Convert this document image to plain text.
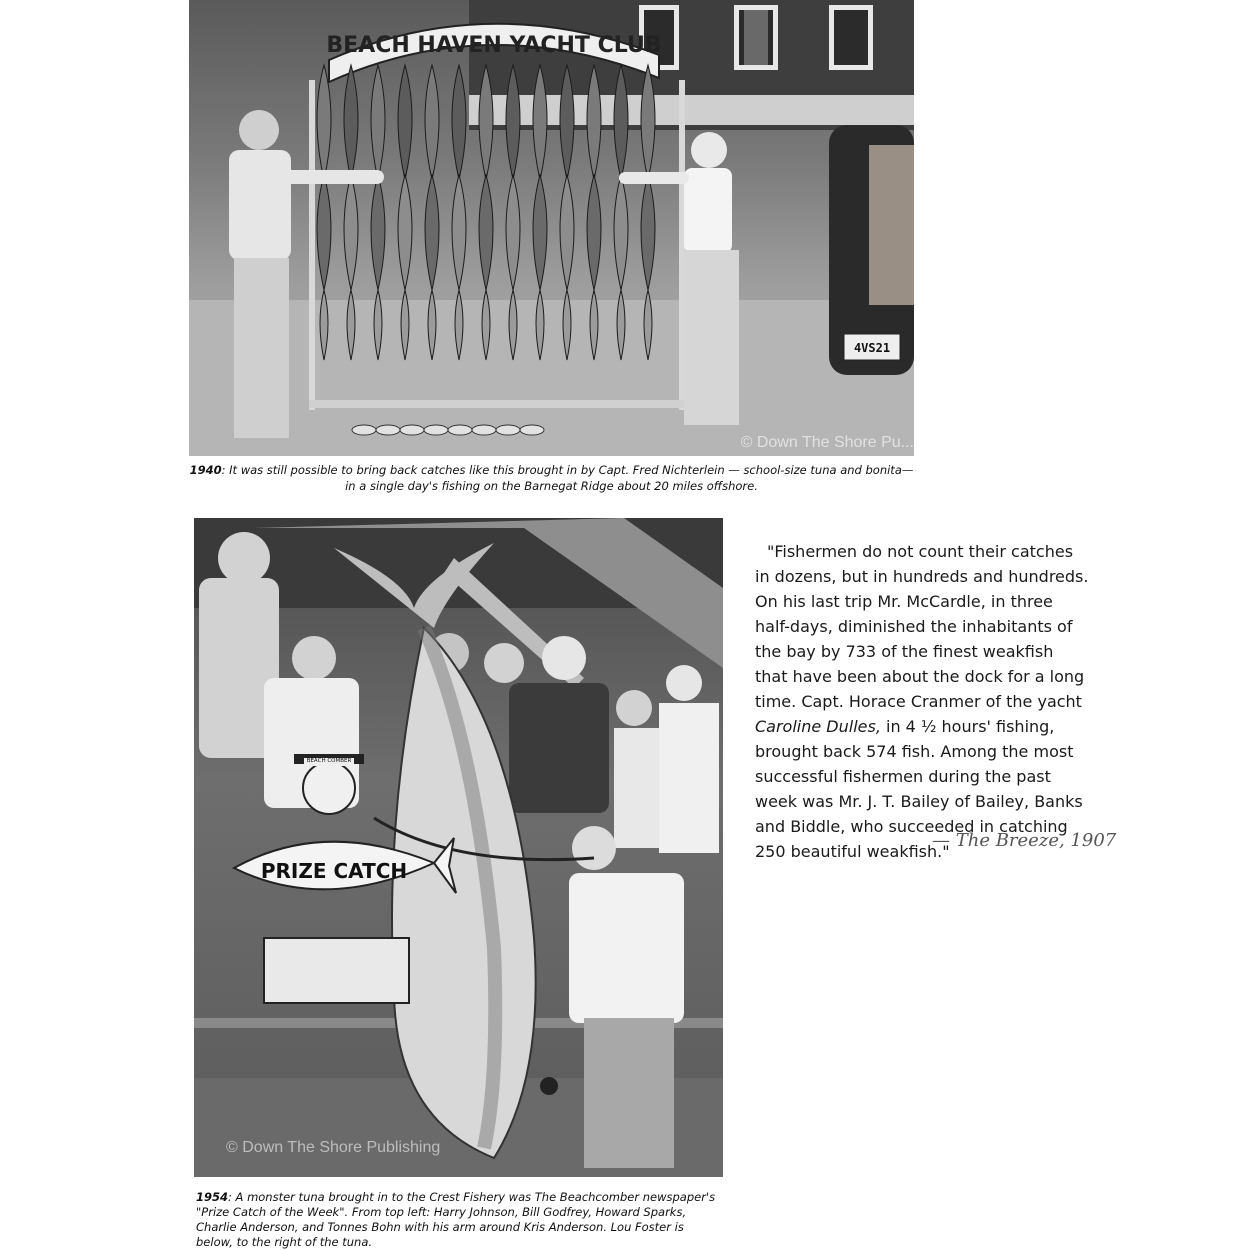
BEACH HAVEN YACHT CLUB
4VS21
© Down The Shore Pu...
1940: It was still possible to bring back catches like this brought in by Capt. Fred Nichterlein — school-size tuna and bonita— in a single day's fishing on the Barnegat Ridge about 20 miles offshore.
BEACH COMBER
PRIZE CATCH
© Down The Shore Publishing
1954: A monster tuna brought in to the Crest Fishery was The Beachcomber newspaper's "Prize Catch of the Week". From top left: Harry Johnson, Bill Godfrey, Howard Sparks, Charlie Anderson, and Tonnes Bohn with his arm around Kris Anderson. Lou Foster is below, to the right of the tuna.
"Fishermen do not count their catches in dozens, but in hundreds and hundreds. On his last trip Mr. McCardle, in three half-days, diminished the inhabitants of the bay by 733 of the finest weakfish that have been about the dock for a long time. Capt. Horace Cranmer of the yacht Caroline Dulles, in 4 ½ hours' fishing, brought back 574 fish. Among the most successful fishermen during the past week was Mr. J. T. Bailey of Bailey, Banks and Biddle, who succeeded in catching 250 beautiful weakfish."
— The Breeze, 1907
